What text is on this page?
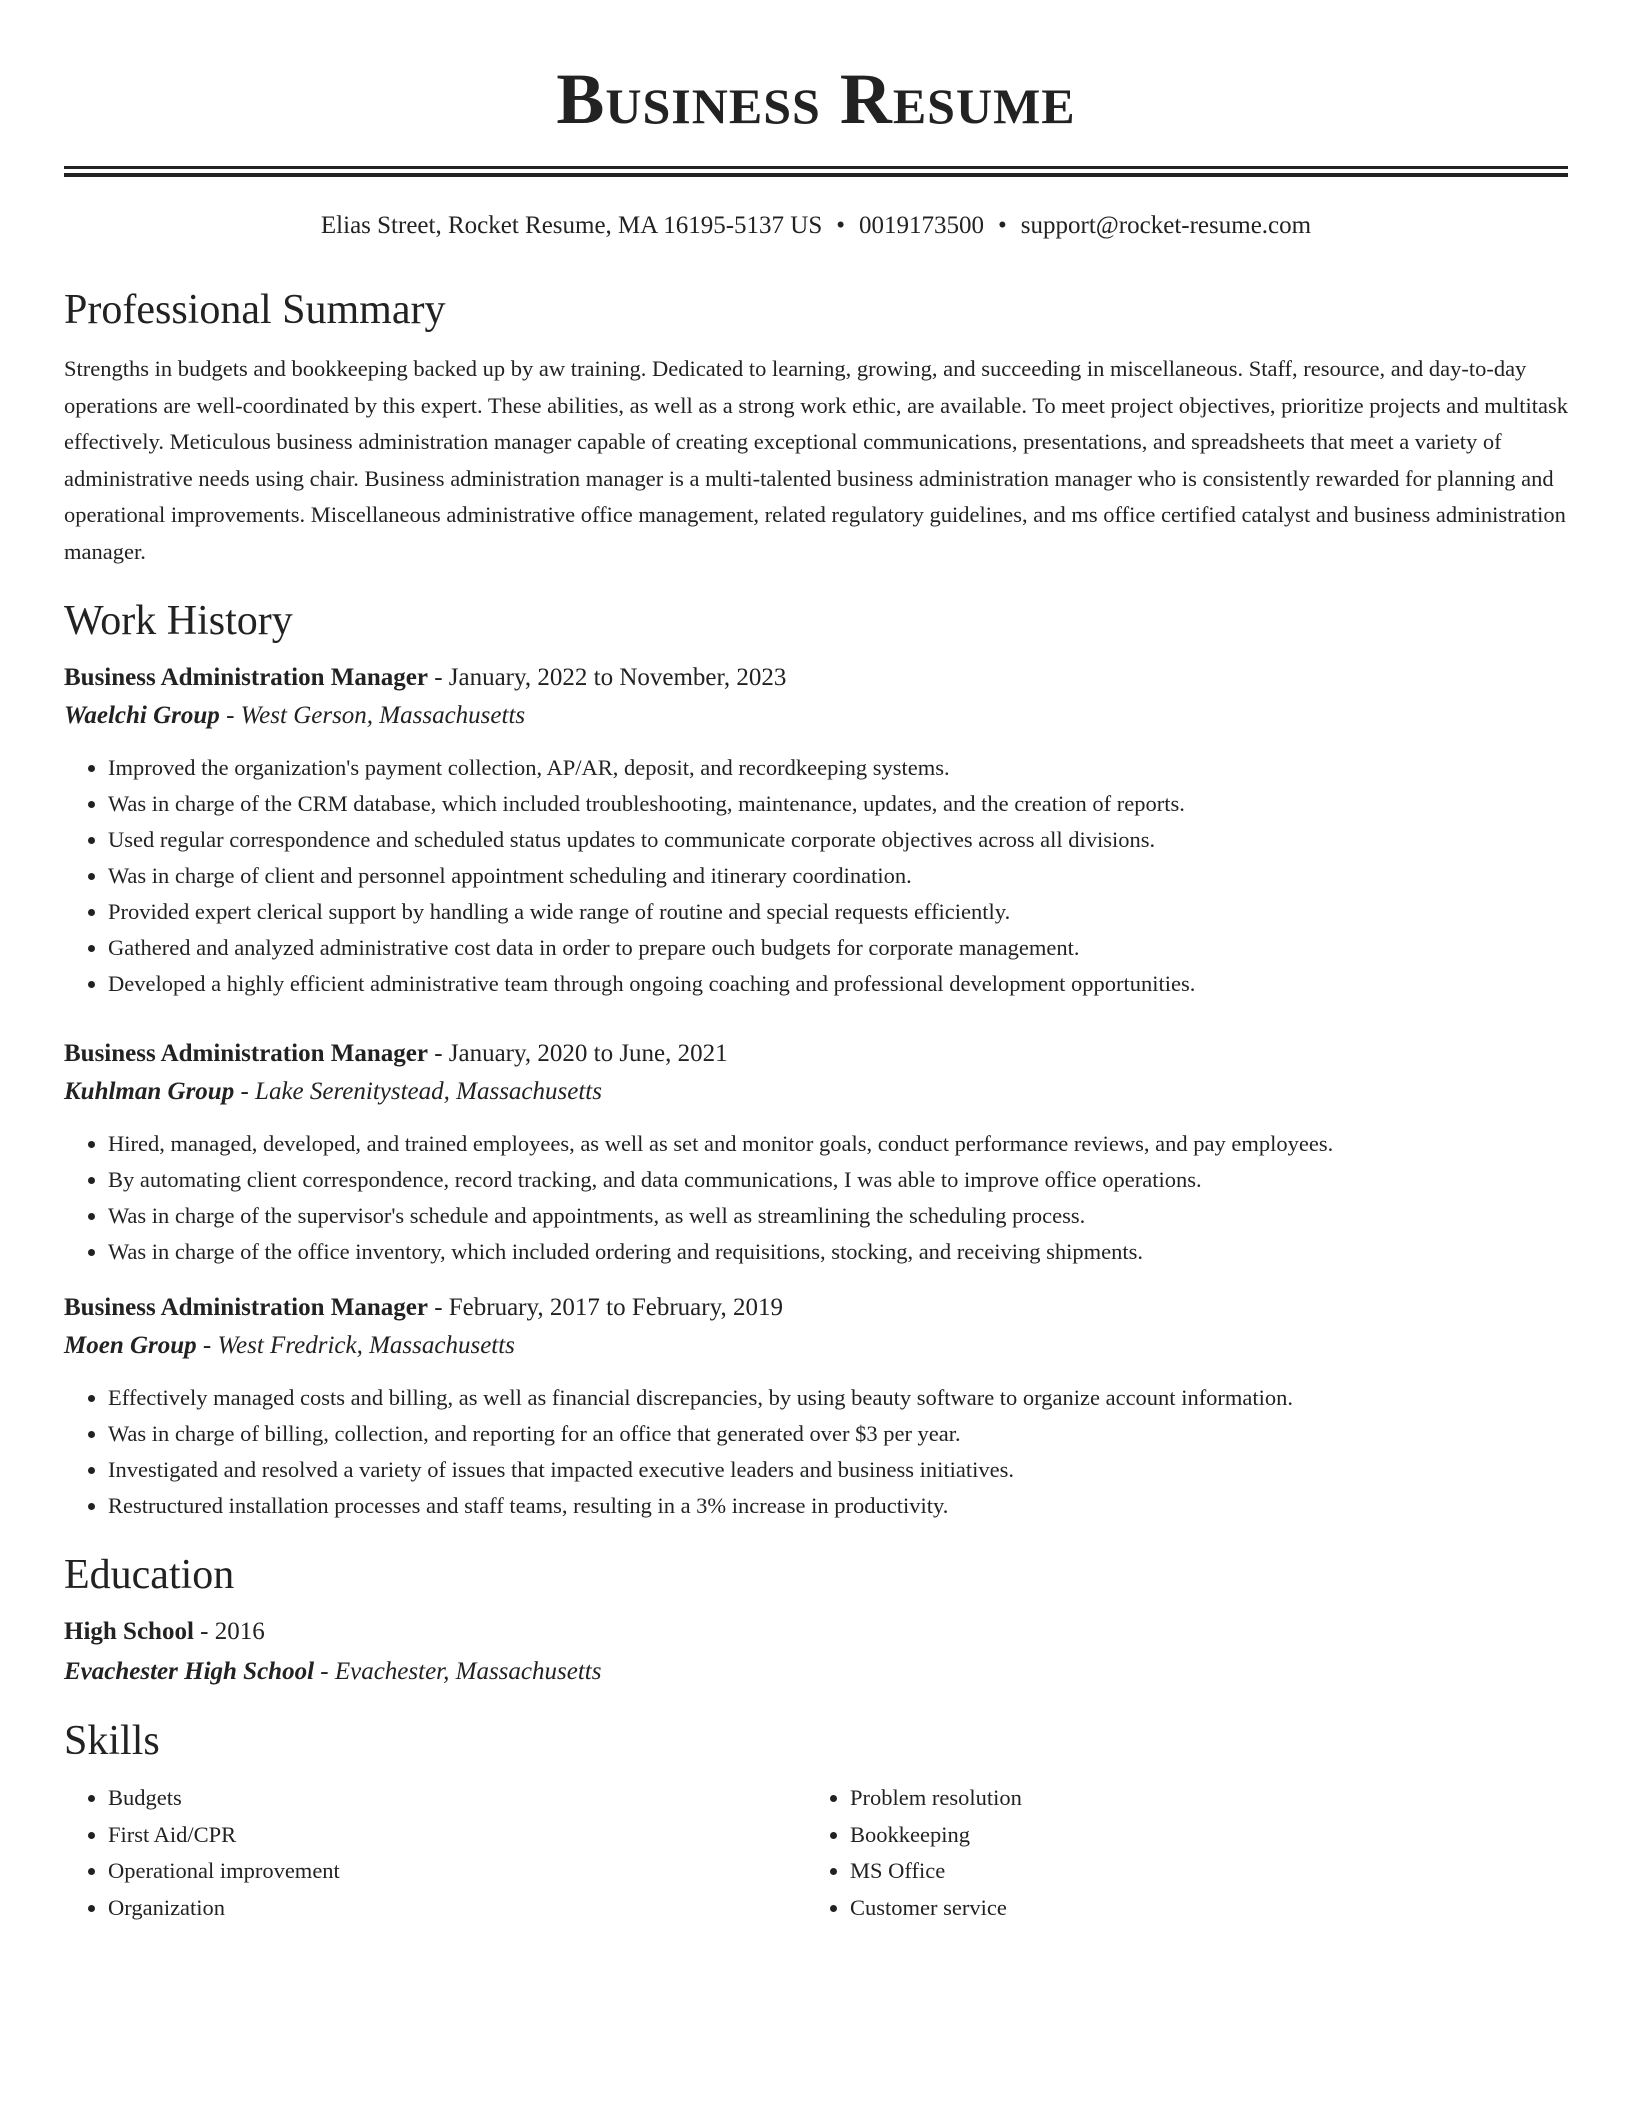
Business Resume
Elias Street, Rocket Resume, MA 16195-5137 US • 0019173500 • support@rocket-resume.com
Professional Summary

Strengths in budgets and bookkeeping backed up by aw training. Dedicated to learning, growing, and succeeding in miscellaneous. Staff, resource, and day-to-day operations are well-coordinated by this expert. These abilities, as well as a strong work ethic, are available. To meet project objectives, prioritize projects and multitask effectively. Meticulous business administration manager capable of creating exceptional communications, presentations, and spreadsheets that meet a variety of administrative needs using chair. Business administration manager is a multi-talented business administration manager who is consistently rewarded for planning and operational improvements. Miscellaneous administrative office management, related regulatory guidelines, and ms office certified catalyst and business administration manager.

Work History
Business Administration Manager - January, 2022 to November, 2023
Waelchi Group - West Gerson, Massachusetts
• Improved the organization's payment collection, AP/AR, deposit, and recordkeeping systems.
• Was in charge of the CRM database, which included troubleshooting, maintenance, updates, and the creation of reports.
• Used regular correspondence and scheduled status updates to communicate corporate objectives across all divisions.
• Was in charge of client and personnel appointment scheduling and itinerary coordination.
• Provided expert clerical support by handling a wide range of routine and special requests efficiently.
• Gathered and analyzed administrative cost data in order to prepare ouch budgets for corporate management.
• Developed a highly efficient administrative team through ongoing coaching and professional development opportunities.
Business Administration Manager - January, 2020 to June, 2021
Kuhlman Group - Lake Serenitystead, Massachusetts
• Hired, managed, developed, and trained employees, as well as set and monitor goals, conduct performance reviews, and pay employees.
• By automating client correspondence, record tracking, and data communications, I was able to improve office operations.
• Was in charge of the supervisor's schedule and appointments, as well as streamlining the scheduling process.
• Was in charge of the office inventory, which included ordering and requisitions, stocking, and receiving shipments.
Business Administration Manager - February, 2017 to February, 2019
Moen Group - West Fredrick, Massachusetts
• Effectively managed costs and billing, as well as financial discrepancies, by using beauty software to organize account information.
• Was in charge of billing, collection, and reporting for an office that generated over $3 per year.
• Investigated and resolved a variety of issues that impacted executive leaders and business initiatives.
• Restructured installation processes and staff teams, resulting in a 3% increase in productivity.
Education
High School - 2016
Evachester High School - Evachester, Massachusetts
Skills
• Budgets
• First Aid/CPR
• Operational improvement
• Organization
• Problem resolution
• Bookkeeping
• MS Office
• Customer service
